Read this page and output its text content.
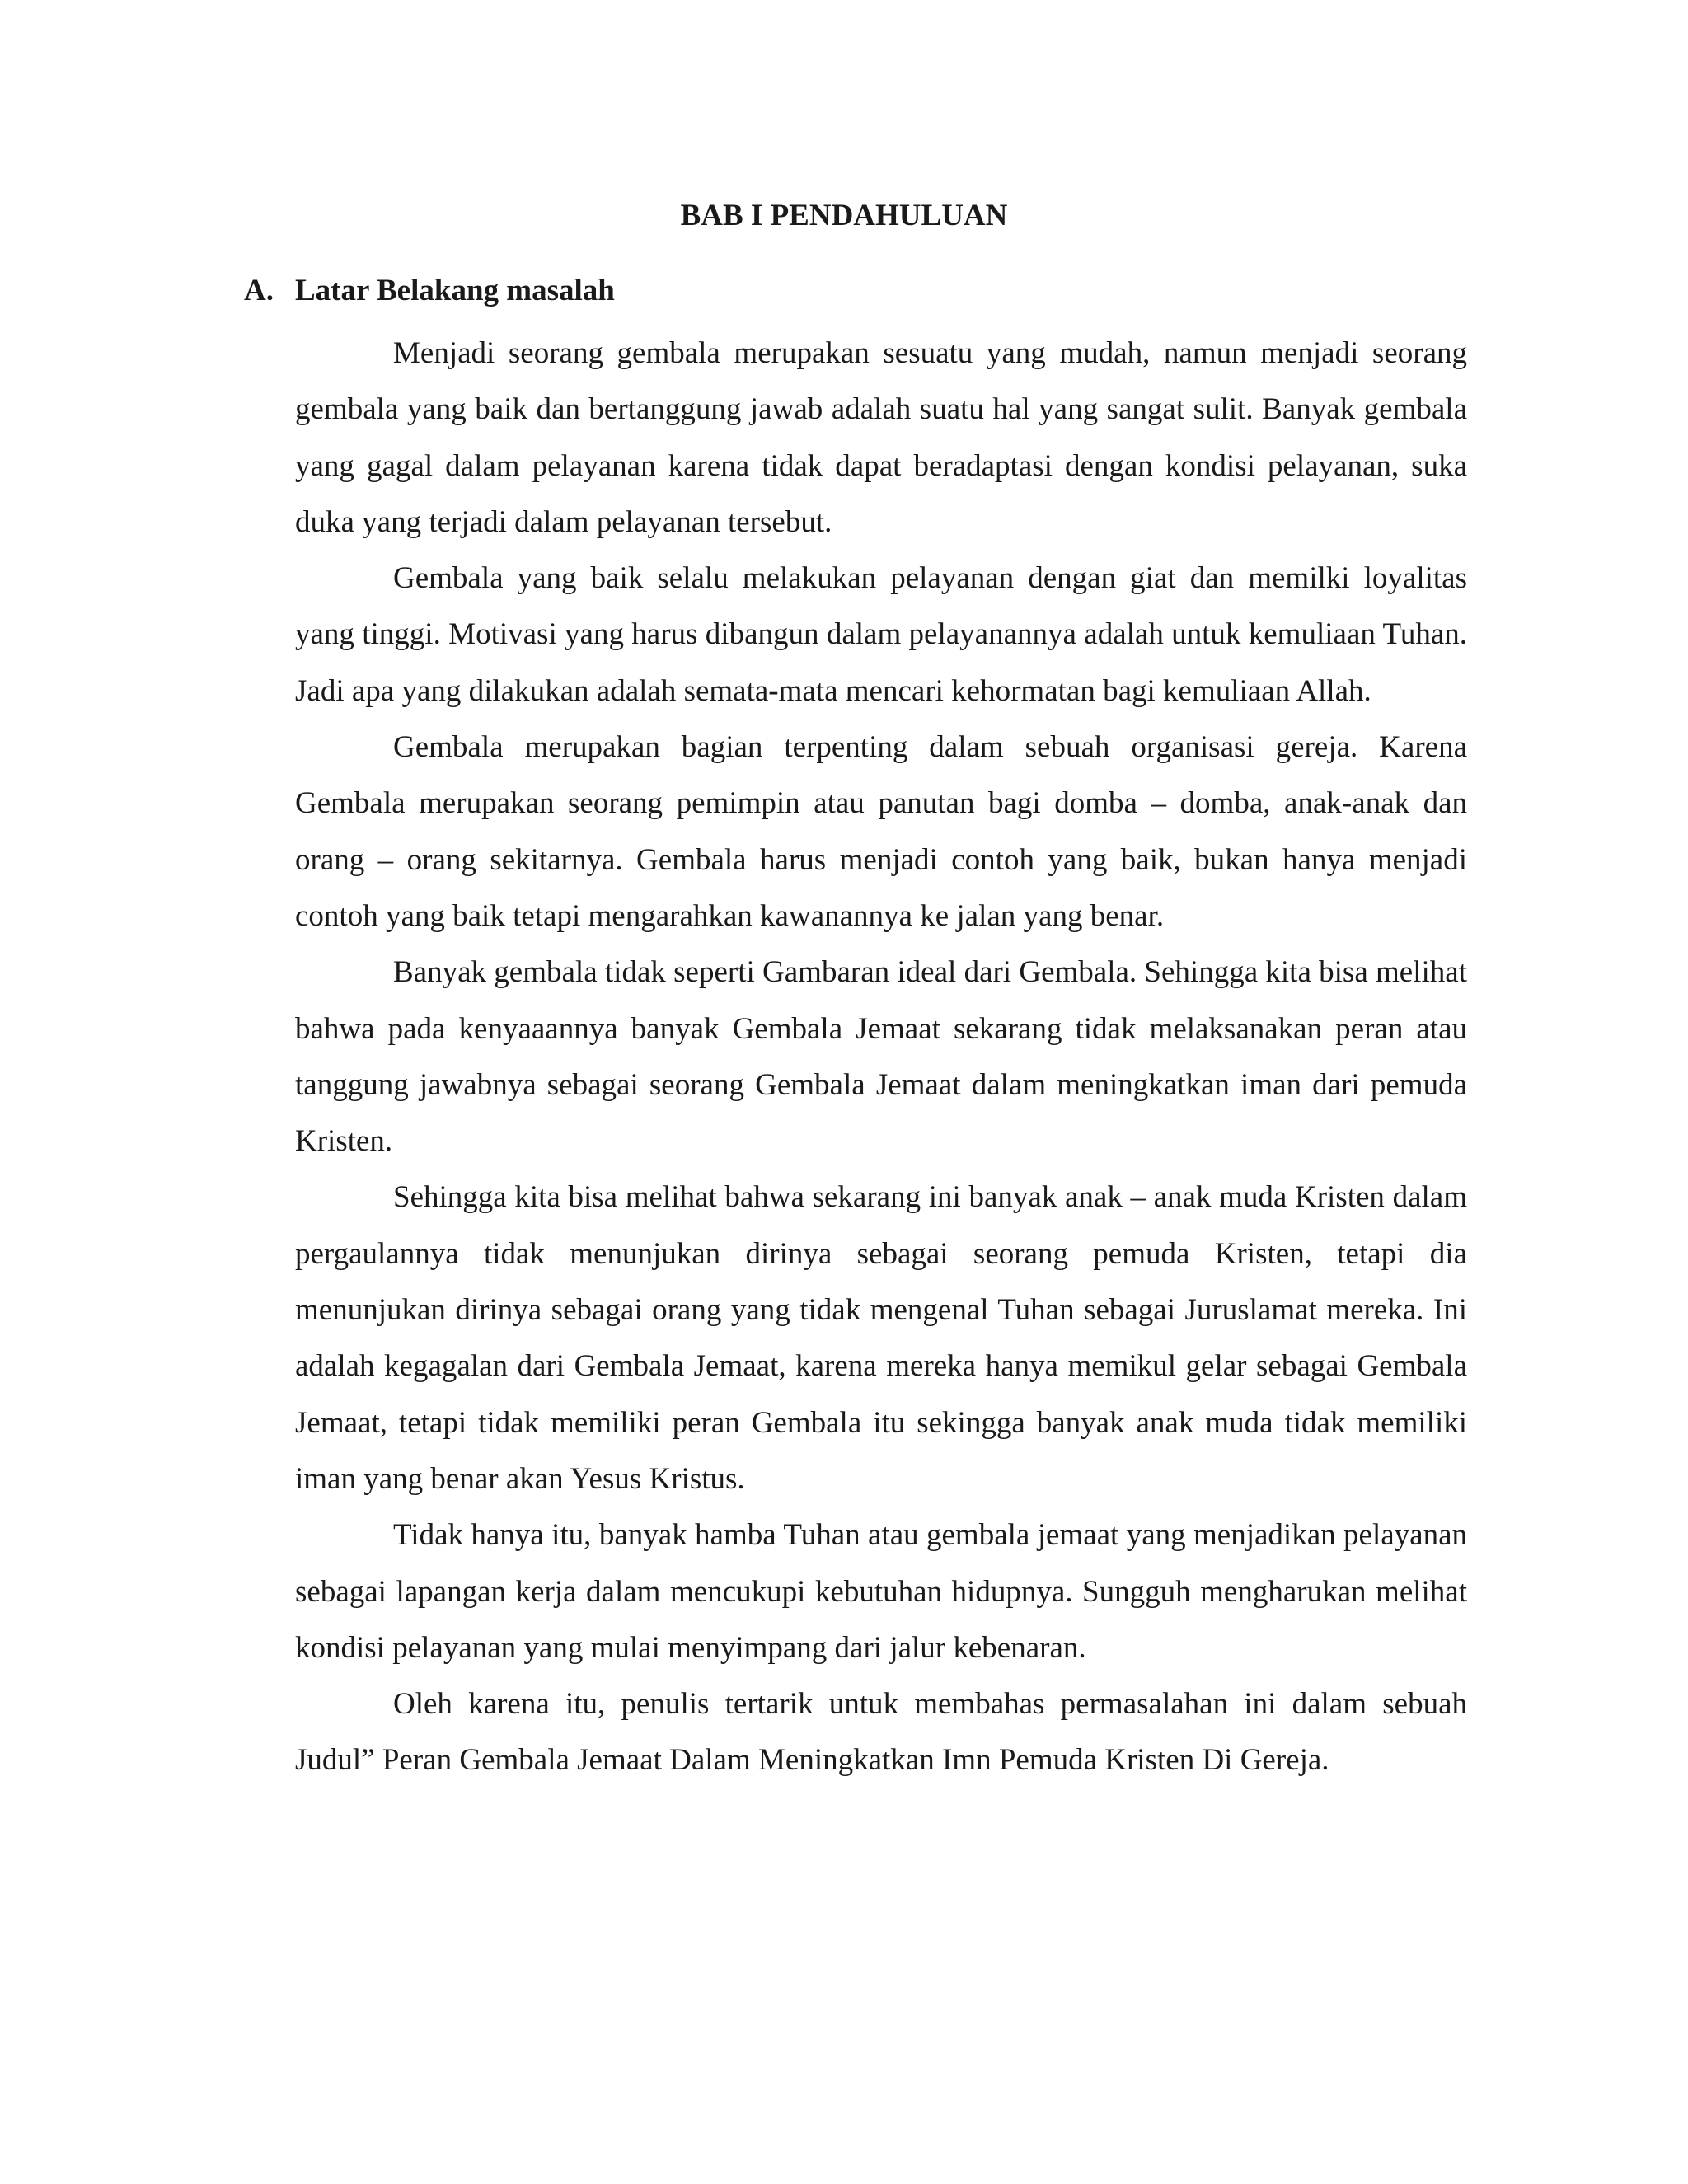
BAB I PENDAHULUAN
A. Latar Belakang masalah

Menjadi seorang gembala merupakan sesuatu yang mudah, namun menjadi seorang gembala yang baik dan bertanggung jawab adalah suatu hal yang sangat sulit. Banyak gembala yang gagal dalam pelayanan karena tidak dapat beradaptasi dengan kondisi pelayanan, suka duka yang terjadi dalam pelayanan tersebut.

Gembala yang baik selalu melakukan pelayanan dengan giat dan memilki loyalitas yang tinggi. Motivasi yang harus dibangun dalam pelayanannya adalah untuk kemuliaan Tuhan. Jadi apa yang dilakukan adalah semata-mata mencari kehormatan bagi kemuliaan Allah.

Gembala merupakan bagian terpenting dalam sebuah organisasi gereja. Karena Gembala merupakan seorang pemimpin atau panutan bagi domba – domba, anak-anak dan orang – orang sekitarnya. Gembala harus menjadi contoh yang baik, bukan hanya menjadi contoh yang baik tetapi mengarahkan kawanannya ke jalan yang benar.

Banyak gembala tidak seperti Gambaran ideal dari Gembala. Sehingga kita bisa melihat bahwa pada kenyaaannya banyak Gembala Jemaat sekarang tidak melaksanakan peran atau tanggung jawabnya sebagai seorang Gembala Jemaat dalam meningkatkan iman dari pemuda Kristen.

Sehingga kita bisa melihat bahwa sekarang ini banyak anak – anak muda Kristen dalam pergaulannya tidak menunjukan dirinya sebagai seorang pemuda Kristen, tetapi dia menunjukan dirinya sebagai orang yang tidak mengenal Tuhan sebagai Juruslamat mereka. Ini adalah kegagalan dari Gembala Jemaat, karena mereka hanya memikul gelar sebagai Gembala Jemaat, tetapi tidak memiliki peran Gembala itu sekingga banyak anak muda tidak memiliki iman yang benar akan Yesus Kristus.

Tidak hanya itu, banyak hamba Tuhan atau gembala jemaat yang menjadikan pelayanan sebagai lapangan kerja dalam mencukupi kebutuhan hidupnya. Sungguh mengharukan melihat kondisi pelayanan yang mulai menyimpang dari jalur kebenaran.

Oleh karena itu, penulis tertarik untuk membahas permasalahan ini dalam sebuah Judul” Peran Gembala Jemaat Dalam Meningkatkan Imn Pemuda Kristen Di Gereja.
